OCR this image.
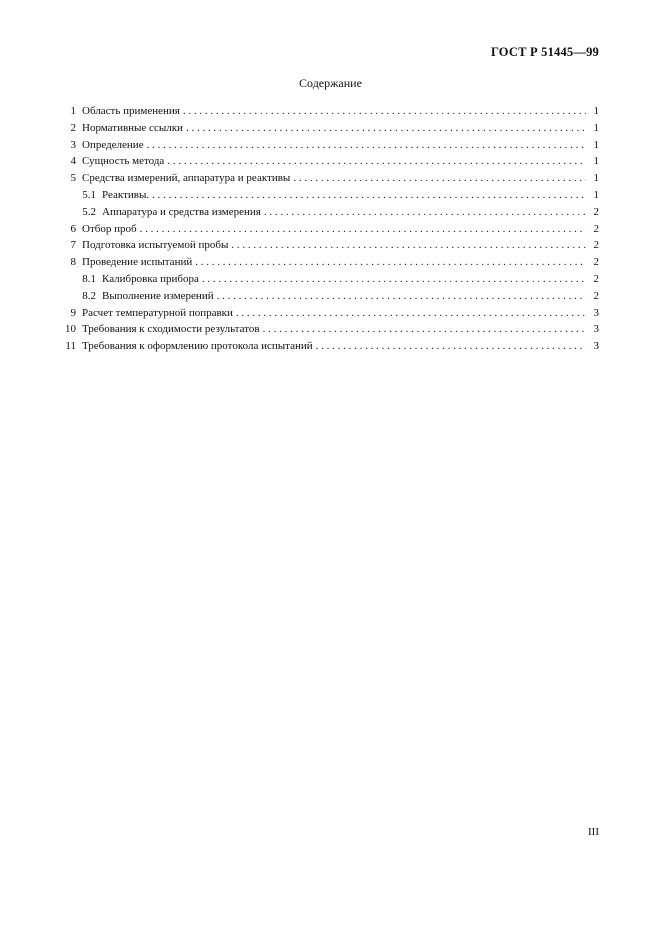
ГОСТ Р 51445—99
Содержание
1 Область применения . . .	1
2 Нормативные ссылки . . .	1
3 Определение . . .	1
4 Сущность метода . . .	1
5 Средства измерений, аппаратура и реактивы . . .	1
5.1 Реактивы. . . .	1
5.2 Аппаратура и средства измерения . . .	2
6 Отбор проб . . .	2
7 Подготовка испытуемой пробы . . .	2
8 Проведение испытаний . . .	2
8.1 Калибровка прибора . . .	2
8.2 Выполнение измерений . . .	2
9 Расчет температурной поправки . . .	3
10 Требования к сходимости результатов . . .	3
11 Требования к оформлению протокола испытаний . . .	3
III
